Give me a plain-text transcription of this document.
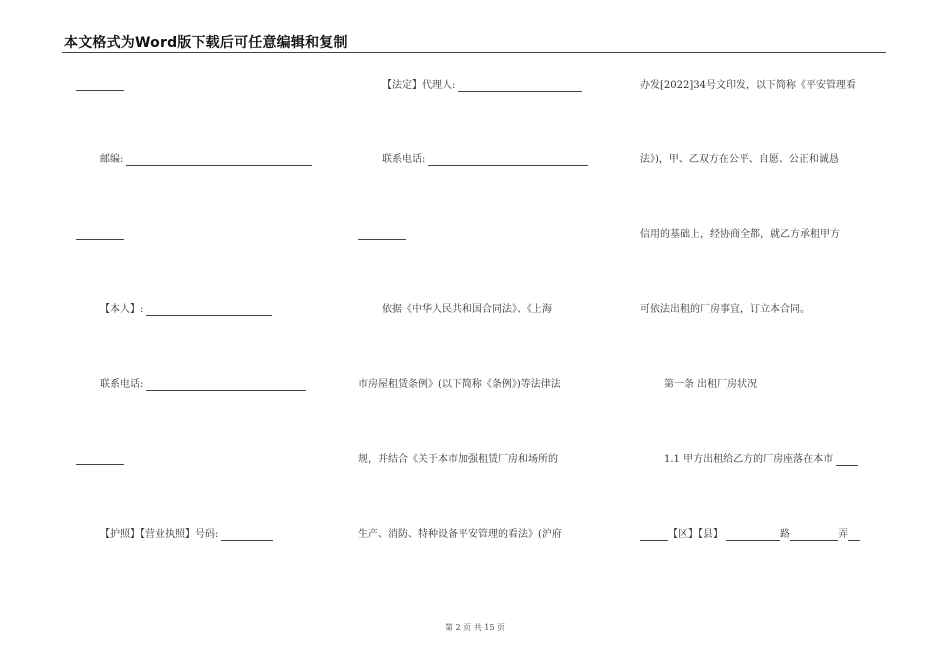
本文格式为Word版下载后可任意编辑和复制
邮编:
【本人】:
联系电话:
【护照】【营业执照】号码:
【法定】代理人:
联系电话:
依据《中华人民共和国合同法》、《上海
市房屋租赁条例》(以下简称《条例》)等法律法
规，并结合《关于本市加强租赁厂房和场所的
生产、消防、特种设备平安管理的看法》(沪府
办发[2022]34号文印发，以下简称《平安管理看
法》)，甲、乙双方在公平、自愿、公正和诚恳
信用的基础上，经协商全都，就乙方承租甲方
可依法出租的厂房事宜，订立本合同。
第一条 出租厂房状况
1.1 甲方出租给乙方的厂房座落在本市
【区】【县】	路	弄
第 2 页 共 15 页
